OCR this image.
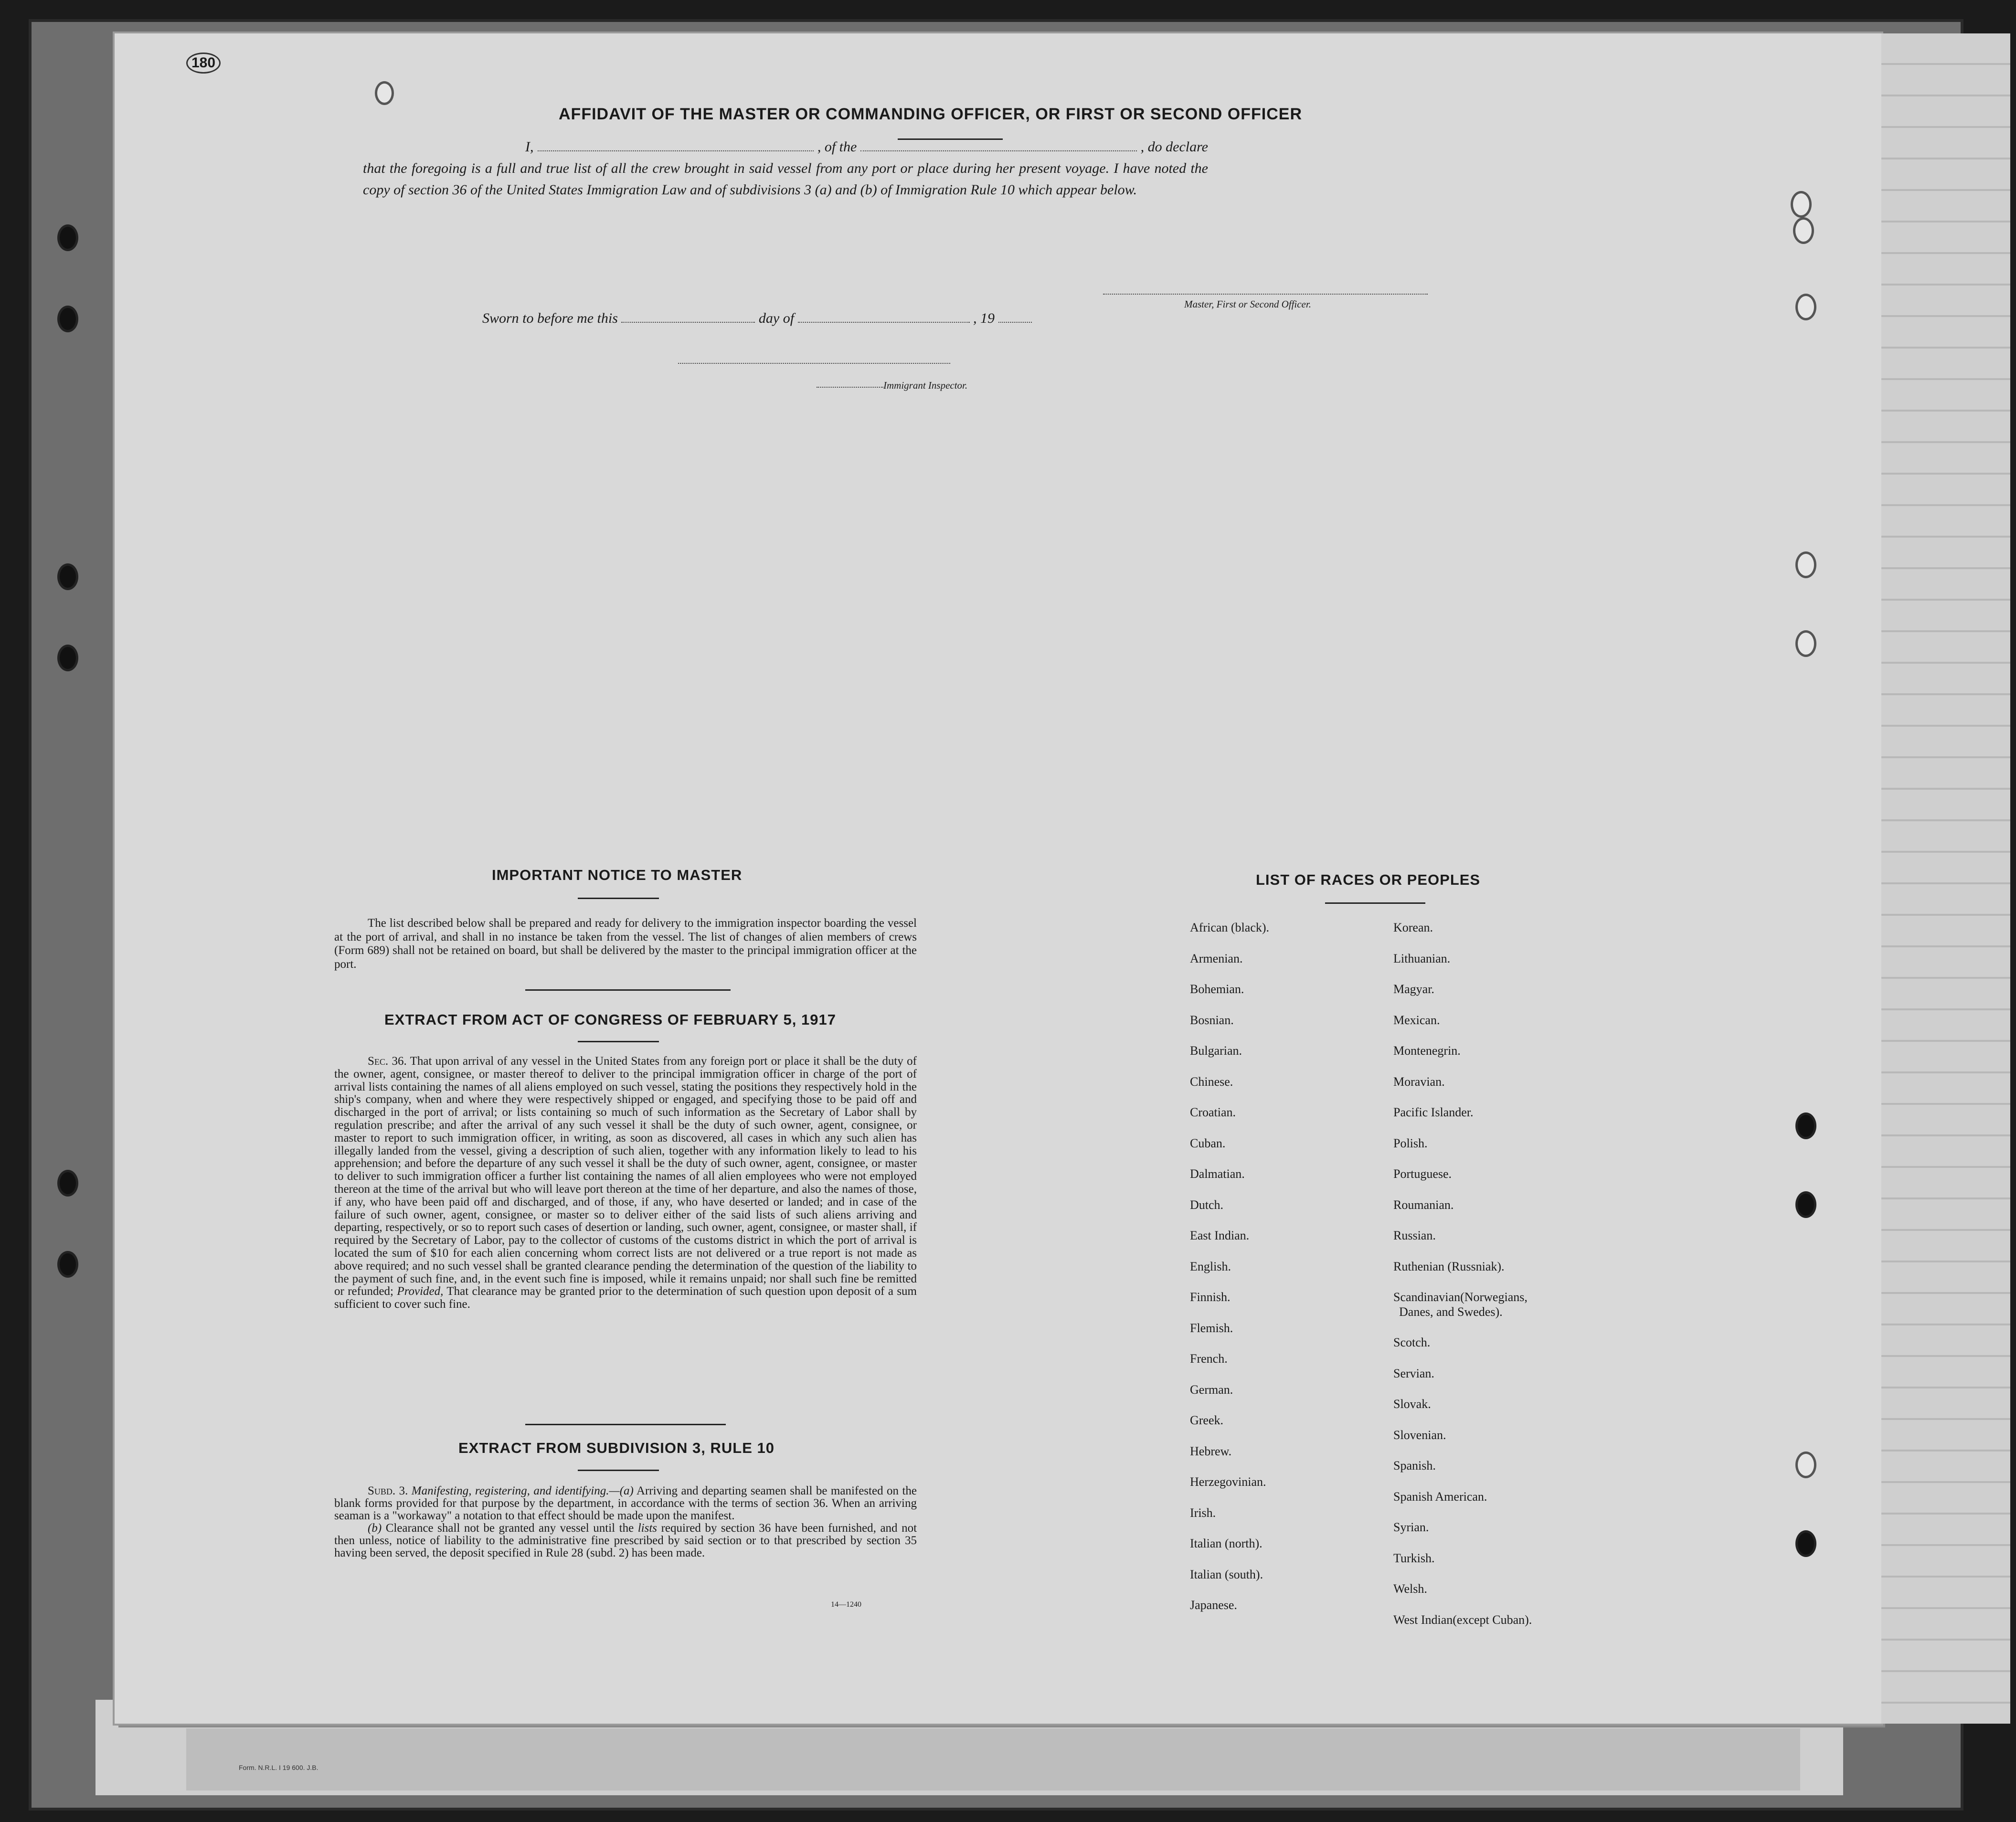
Form. N.R.L. I 19 600. J.B.
180
AFFIDAVIT OF THE MASTER OR COMMANDING OFFICER, OR FIRST OR SECOND OFFICER
I,	, of the	, do declare
that the foregoing is a full and true list of all the crew brought in said vessel from any port or place during her present voyage. I have noted the copy of section 36 of the United States Immigration Law and of subdivisions 3 (a) and (b) of Immigration Rule 10 which appear below.
Master, First or Second Officer.
Sworn to before me this	day of	, 19
Immigrant Inspector.
IMPORTANT NOTICE TO MASTER
The list described below shall be prepared and ready for delivery to the immigration inspector boarding the vessel at the port of arrival, and shall in no instance be taken from the vessel. The list of changes of alien members of crews (Form 689) shall not be retained on board, but shall be delivered by the master to the principal immigration officer at the port.
EXTRACT FROM ACT OF CONGRESS OF FEBRUARY 5, 1917
Sec. 36. That upon arrival of any vessel in the United States from any foreign port or place it shall be the duty of the owner, agent, consignee, or master thereof to deliver to the principal immigration officer in charge of the port of arrival lists containing the names of all aliens employed on such vessel, stating the positions they respectively hold in the ship's company, when and where they were respectively shipped or engaged, and specifying those to be paid off and discharged in the port of arrival; or lists containing so much of such information as the Secretary of Labor shall by regulation prescribe; and after the arrival of any such vessel it shall be the duty of such owner, agent, consignee, or master to report to such immigration officer, in writing, as soon as discovered, all cases in which any such alien has illegally landed from the vessel, giving a description of such alien, together with any information likely to lead to his apprehension; and before the departure of any such vessel it shall be the duty of such owner, agent, consignee, or master to deliver to such immigration officer a further list containing the names of all alien employees who were not employed thereon at the time of the arrival but who will leave port thereon at the time of her departure, and also the names of those, if any, who have been paid off and discharged, and of those, if any, who have deserted or landed; and in case of the failure of such owner, agent, consignee, or master so to deliver either of the said lists of such aliens arriving and departing, respectively, or so to report such cases of desertion or landing, such owner, agent, consignee, or master shall, if required by the Secretary of Labor, pay to the collector of customs of the customs district in which the port of arrival is located the sum of $10 for each alien concerning whom correct lists are not delivered or a true report is not made as above required; and no such vessel shall be granted clearance pending the determination of the question of the liability to the payment of such fine, and, in the event such fine is imposed, while it remains unpaid; nor shall such fine be remitted or refunded; Provided, That clearance may be granted prior to the determination of such question upon deposit of a sum sufficient to cover such fine.
EXTRACT FROM SUBDIVISION 3, RULE 10

Subd. 3. Manifesting, registering, and identifying.—(a) Arriving and departing seamen shall be manifested on the blank forms provided for that purpose by the department, in accordance with the terms of section 36. When an arriving seaman is a "workaway" a notation to that effect should be made upon the manifest.

(b) Clearance shall not be granted any vessel until the lists required by section 36 have been furnished, and not then unless, notice of liability to the administrative fine prescribed by said section or to that prescribed by section 35 having been served, the deposit specified in Rule 28 (subd. 2) has been made.

14—1240
LIST OF RACES OR PEOPLES
African (black).
Armenian.
Bohemian.
Bosnian.
Bulgarian.
Chinese.
Croatian.
Cuban.
Dalmatian.
Dutch.
East Indian.
English.
Finnish.
Flemish.
French.
German.
Greek.
Hebrew.
Herzegovinian.
Irish.
Italian (north).
Italian (south).
Japanese.
Korean.
Lithuanian.
Magyar.
Mexican.
Montenegrin.
Moravian.
Pacific Islander.
Polish.
Portuguese.
Roumanian.
Russian.
Ruthenian (Russniak).
Scandinavian(Norwegians,
Danes, and Swedes).
Scotch.
Servian.
Slovak.
Slovenian.
Spanish.
Spanish American.
Syrian.
Turkish.
Welsh.
West Indian(except Cuban).
